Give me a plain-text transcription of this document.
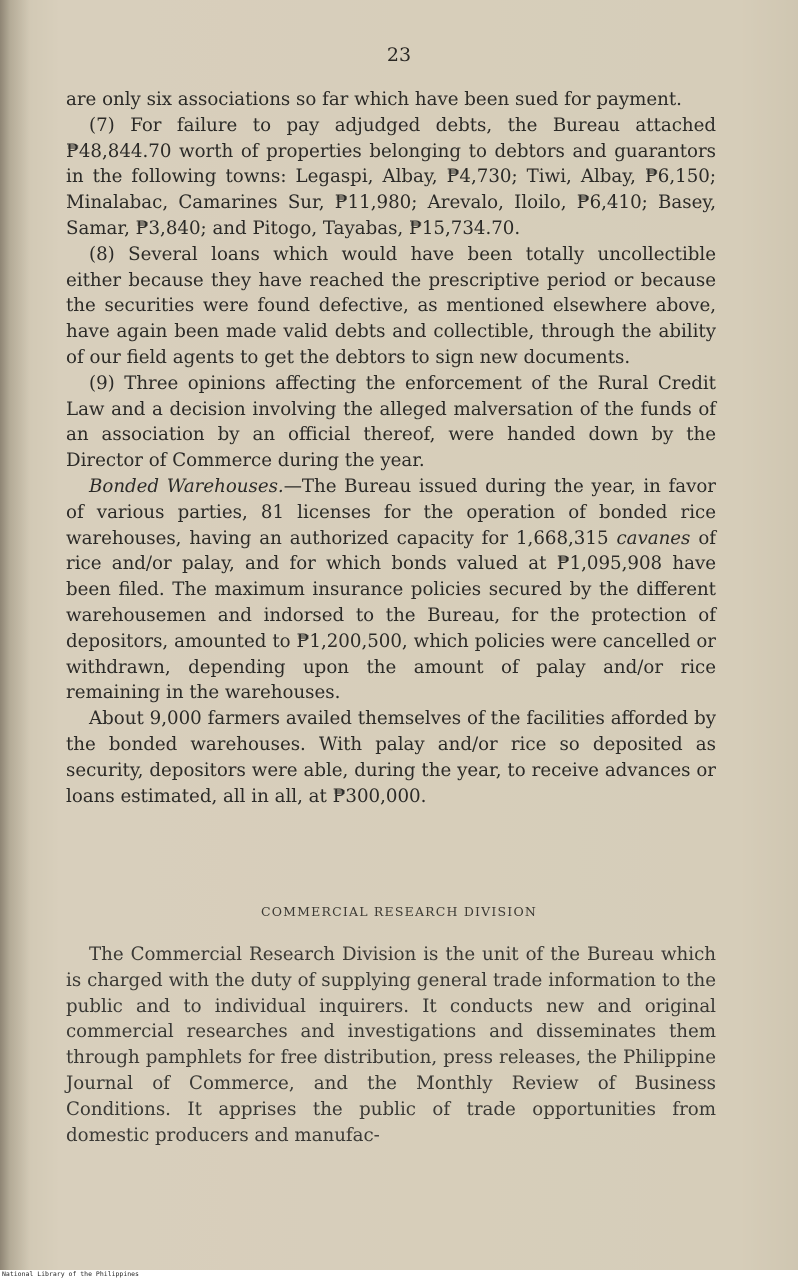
23

are only six associations so far which have been sued for payment.

(7) For failure to pay adjudged debts, the Bureau attached ₱48,844.70 worth of properties belonging to debtors and guarantors in the following towns: Legaspi, Albay, ₱4,730; Tiwi, Albay, ₱6,150; Minalabac, Camarines Sur, ₱11,980; Arevalo, Iloilo, ₱6,410; Basey, Samar, ₱3,840; and Pitogo, Tayabas, ₱15,734.70.

(8) Several loans which would have been totally uncollectible either because they have reached the prescriptive period or because the securities were found defective, as mentioned elsewhere above, have again been made valid debts and collectible, through the ability of our field agents to get the debtors to sign new documents.

(9) Three opinions affecting the enforcement of the Rural Credit Law and a decision involving the alleged malversation of the funds of an association by an official thereof, were handed down by the Director of Commerce during the year.

Bonded Warehouses.—The Bureau issued during the year, in favor of various parties, 81 licenses for the operation of bonded rice warehouses, having an authorized capacity for 1,668,315 cavanes of rice and/or palay, and for which bonds valued at ₱1,095,908 have been filed. The maximum insurance policies secured by the different warehousemen and indorsed to the Bureau, for the protection of depositors, amounted to ₱1,200,500, which policies were cancelled or withdrawn, depending upon the amount of palay and/or rice remaining in the warehouses.

About 9,000 farmers availed themselves of the facilities afforded by the bonded warehouses. With palay and/or rice so deposited as security, depositors were able, during the year, to receive advances or loans estimated, all in all, at ₱300,000.

COMMERCIAL RESEARCH DIVISION

The Commercial Research Division is the unit of the Bureau which is charged with the duty of supplying general trade information to the public and to individual inquirers. It conducts new and original commercial researches and investigations and disseminates them through pamphlets for free distribution, press releases, the Philippine Journal of Commerce, and the Monthly Review of Business Conditions. It apprises the public of trade opportunities from domestic producers and manufac-

National Library of the Philippines
